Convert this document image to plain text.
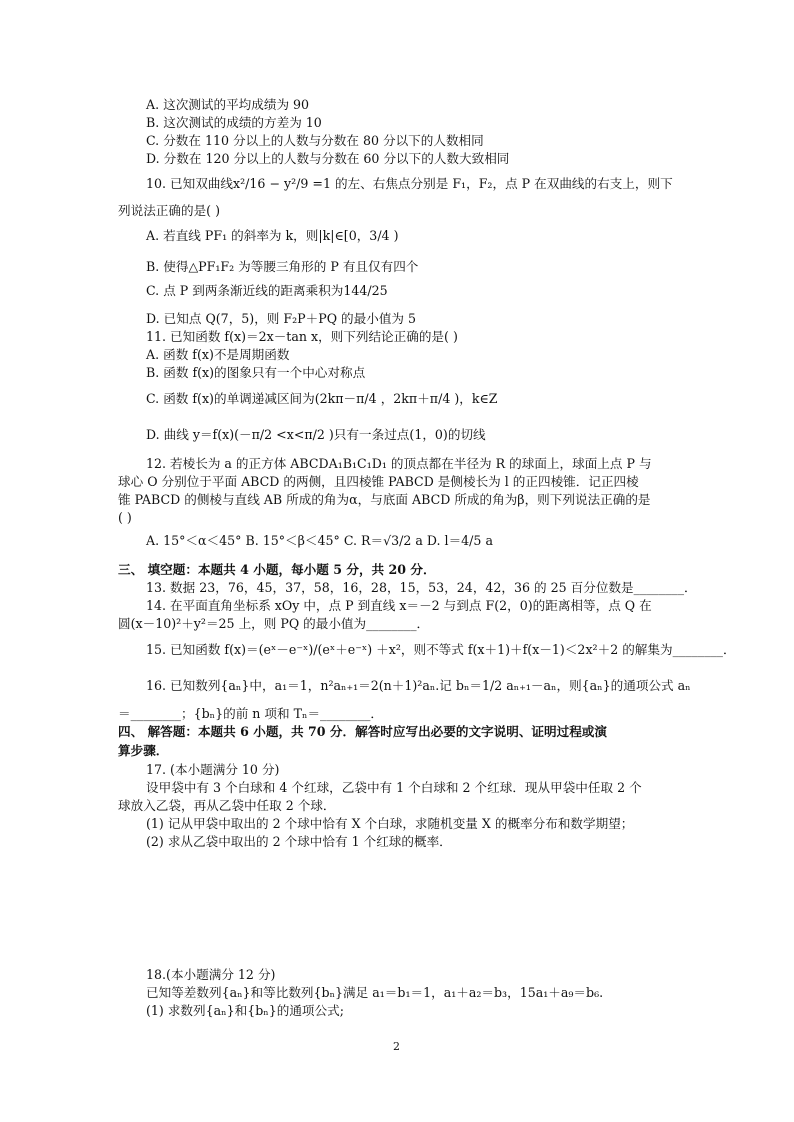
A. 这次测试的平均成绩为 90
B. 这次测试的成绩的方差为 10
C. 分数在 110 分以上的人数与分数在 80 分以下的人数相同
D. 分数在 120 分以上的人数与分数在 60 分以下的人数大致相同
10. 已知双曲线x²/16 − y²/9 =1 的左、右焦点分别是 F₁，F₂，点 P 在双曲线的右支上，则下
列说法正确的是( )
A. 若直线 PF₁ 的斜率为 k，则|k|∈[0，3/4 )
B. 使得△PF₁F₂ 为等腰三角形的 P 有且仅有四个
C. 点 P 到两条渐近线的距离乘积为144/25
D. 已知点 Q(7，5)，则 F₂P＋PQ 的最小值为 5
11. 已知函数 f(x)＝2x－tan x，则下列结论正确的是( )
A. 函数 f(x)不是周期函数
B. 函数 f(x)的图象只有一个中心对称点
C. 函数 f(x)的单调递减区间为(2kπ－π/4 ，2kπ＋π/4 )，k∈Z
D. 曲线 y＝f(x)(－π/2 <x<π/2 )只有一条过点(1，0)的切线
12. 若棱长为 a 的正方体 ABCDA₁B₁C₁D₁ 的顶点都在半径为 R 的球面上，球面上点 P 与
球心 O 分别位于平面 ABCD 的两侧，且四棱锥 PABCD 是侧棱长为 l 的正四棱锥．记正四棱
锥 PABCD 的侧棱与直线 AB 所成的角为α，与底面 ABCD 所成的角为β，则下列说法正确的是
( )
A. 15°＜α＜45° B. 15°＜β＜45° C. R＝√3/2 a D. l＝4/5 a
三、 填空题：本题共 4 小题，每小题 5 分，共 20 分．
13. 数据 23，76，45，37，58，16，28，15，53，24，42，36 的 25 百分位数是________．
14. 在平面直角坐标系 xOy 中，点 P 到直线 x＝－2 与到点 F(2，0)的距离相等，点 Q 在
圆(x－10)²＋y²＝25 上，则 PQ 的最小值为________．
15. 已知函数 f(x)＝(eˣ－e⁻ˣ)/(eˣ＋e⁻ˣ) ＋x²，则不等式 f(x＋1)＋f(x－1)＜2x²＋2 的解集为________．
16. 已知数列{aₙ}中，a₁＝1，n²aₙ₊₁＝2(n＋1)²aₙ.记 bₙ＝1/2 aₙ₊₁－aₙ，则{aₙ}的通项公式 aₙ
＝________；{bₙ}的前 n 项和 Tₙ＝________．
四、 解答题：本题共 6 小题，共 70 分．解答时应写出必要的文字说明、证明过程或演
算步骤．
17. (本小题满分 10 分)
设甲袋中有 3 个白球和 4 个红球，乙袋中有 1 个白球和 2 个红球．现从甲袋中任取 2 个
球放入乙袋，再从乙袋中任取 2 个球．
(1) 记从甲袋中取出的 2 个球中恰有 X 个白球，求随机变量 X 的概率分布和数学期望；
(2) 求从乙袋中取出的 2 个球中恰有 1 个红球的概率．
18.(本小题满分 12 分)
已知等差数列{aₙ}和等比数列{bₙ}满足 a₁＝b₁＝1，a₁＋a₂＝b₃，15a₁＋a₉＝b₆.
(1) 求数列{aₙ}和{bₙ}的通项公式;
2
